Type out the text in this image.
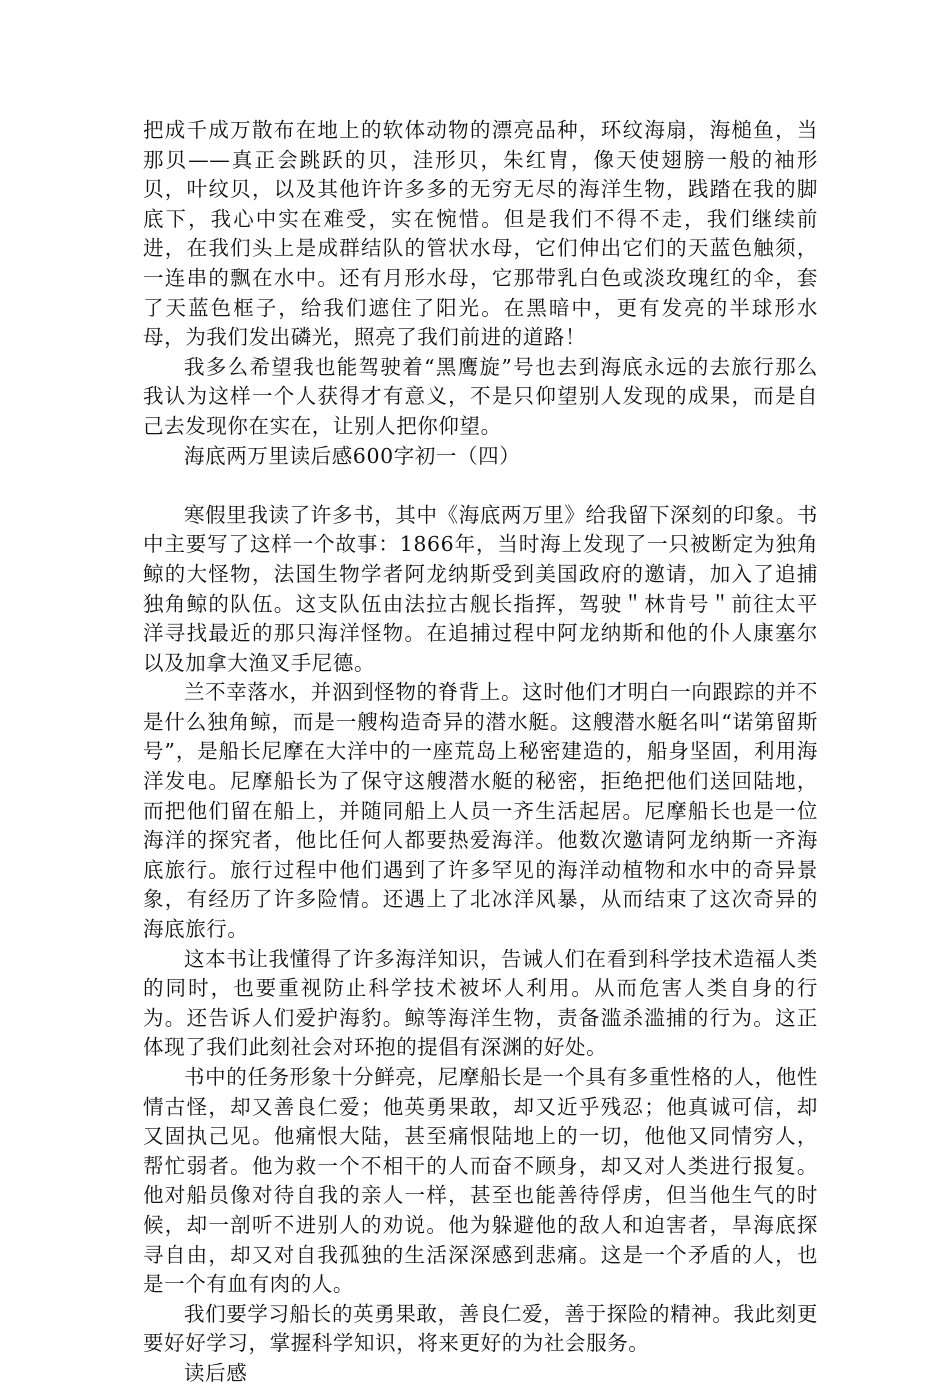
把成千成万散布在地上的软体动物的漂亮品种，环纹海扇，海槌鱼，当那贝——真正会跳跃的贝，洼形贝，朱红胄，像天使翅膀一般的袖形贝，叶纹贝，以及其他许许多多的无穷无尽的海洋生物，践踏在我的脚底下，我心中实在难受，实在惋惜。但是我们不得不走，我们继续前进，在我们头上是成群结队的管状水母，它们伸出它们的天蓝色触须，一连串的飘在水中。还有月形水母，它那带乳白色或淡玫瑰红的伞，套了天蓝色框子，给我们遮住了阳光。在黑暗中，更有发亮的半球形水母，为我们发出磷光，照亮了我们前进的道路！

我多么希望我也能驾驶着“黑鹰旋”号也去到海底永远的去旅行那么我认为这样一个人获得才有意义，不是只仰望别人发现的成果，而是自己去发现你在实在，让别人把你仰望。

海底两万里读后感600字初一（四）

寒假里我读了许多书，其中《海底两万里》给我留下深刻的印象。书中主要写了这样一个故事：1866年，当时海上发现了一只被断定为独角鲸的大怪物，法国生物学者阿龙纳斯受到美国政府的邀请，加入了追捕独角鲸的队伍。这支队伍由法拉古舰长指挥，驾驶＂林肯号＂前往太平洋寻找最近的那只海洋怪物。在追捕过程中阿龙纳斯和他的仆人康塞尔以及加拿大渔叉手尼德。

兰不幸落水，并泅到怪物的脊背上。这时他们才明白一向跟踪的并不是什么独角鲸，而是一艘构造奇异的潜水艇。这艘潜水艇名叫“诺第留斯号”，是船长尼摩在大洋中的一座荒岛上秘密建造的，船身坚固，利用海洋发电。尼摩船长为了保守这艘潜水艇的秘密，拒绝把他们送回陆地，而把他们留在船上，并随同船上人员一齐生活起居。尼摩船长也是一位海洋的探究者，他比任何人都要热爱海洋。他数次邀请阿龙纳斯一齐海底旅行。旅行过程中他们遇到了许多罕见的海洋动植物和水中的奇异景象，有经历了许多险情。还遇上了北冰洋风暴，从而结束了这次奇异的海底旅行。

这本书让我懂得了许多海洋知识，告诫人们在看到科学技术造福人类的同时，也要重视防止科学技术被坏人利用。从而危害人类自身的行为。还告诉人们爱护海豹。鲸等海洋生物，责备滥杀滥捕的行为。这正体现了我们此刻社会对环抱的提倡有深渊的好处。

书中的任务形象十分鲜亮，尼摩船长是一个具有多重性格的人，他性情古怪，却又善良仁爱；他英勇果敢，却又近乎残忍；他真诚可信，却又固执己见。他痛恨大陆，甚至痛恨陆地上的一切，他他又同情穷人，帮忙弱者。他为救一个不相干的人而奋不顾身，却又对人类进行报复。他对船员像对待自我的亲人一样，甚至也能善待俘虏，但当他生气的时候，却一剖听不进别人的劝说。他为躲避他的敌人和迫害者，旱海底探寻自由，却又对自我孤独的生活深深感到悲痛。这是一个矛盾的人，也是一个有血有肉的人。

我们要学习船长的英勇果敢，善良仁爱，善于探险的精神。我此刻更要好好学习，掌握科学知识，将来更好的为社会服务。

读后感
